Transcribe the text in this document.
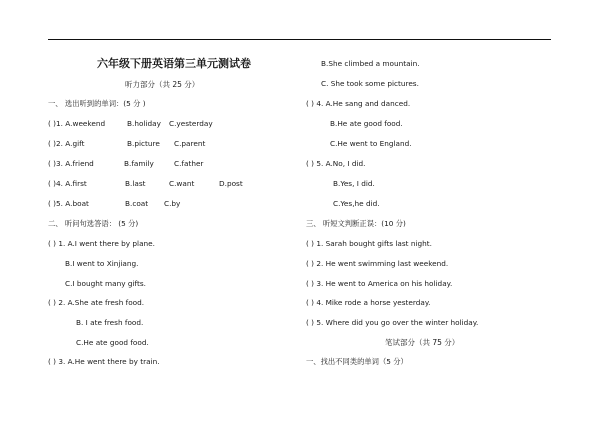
六年级下册英语第三单元测试卷
听力部分（共 25 分）
一、 选出听到的单词：(5 分 )
( )1. A.weekend	B.holiday C.yesterday
( )2. A.gift	B.picture C.parent
( )3. A.friend	B.family	C.father
( )4. A.first	B.last	C.want	D.post
( )5. A.boat	B.coat C.by
二、 听问句选答语： (5 分)
( ) 1. A.I went there by plane.
B.I went to Xinjiang.
C.I bought many gifts.
( ) 2. A.She ate fresh food.
B. I ate fresh food.
C.He ate good food.
( ) 3. A.He went there by train.
B.She climbed a mountain.
C. She took some pictures.
( ) 4. A.He sang and danced.
B.He ate good food.
C.He went to England.
( ) 5. A.No, I did.
B.Yes, I did.
C.Yes,he did.
三、 听短文判断正误：(10 分)
( ) 1. Sarah bought gifts last night.
( ) 2. He went swimming last weekend.
( ) 3. He went to America on his holiday.
( ) 4. Mike rode a horse yesterday.
( ) 5. Where did you go over the winter holiday.
笔试部分（共 75 分）
一、找出不同类的单词（5 分）
